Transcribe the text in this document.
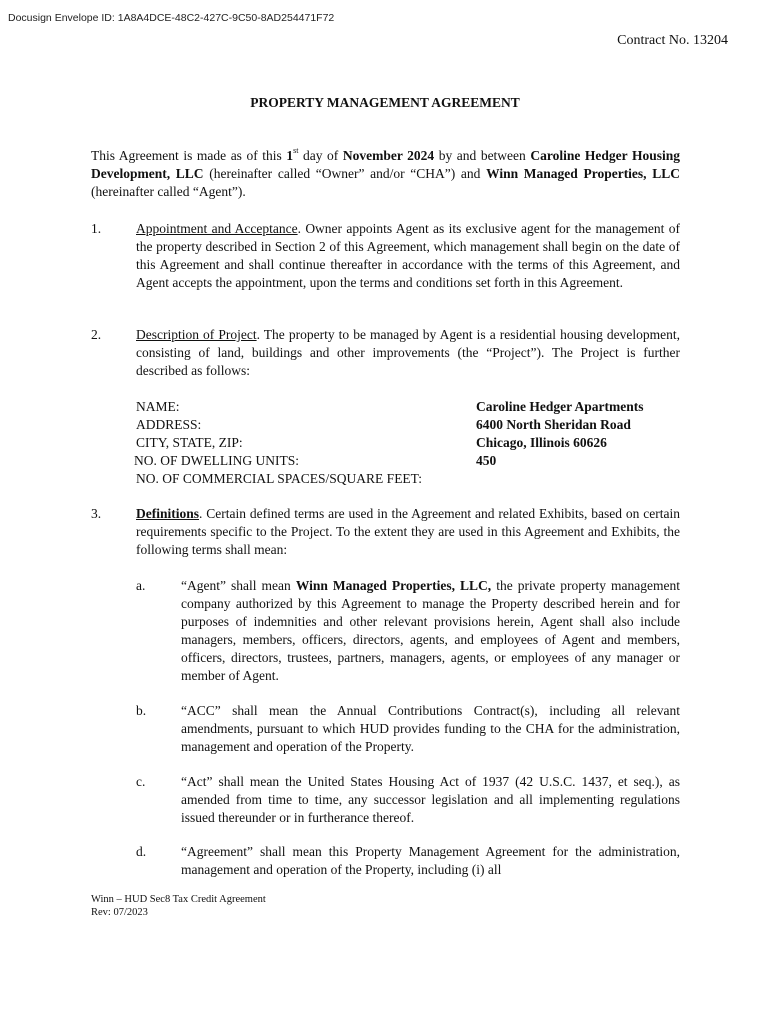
Docusign Envelope ID: 1A8A4DCE-48C2-427C-9C50-8AD254471F72
Contract No. 13204
PROPERTY MANAGEMENT AGREEMENT
This Agreement is made as of this 1st day of November 2024 by and between Caroline Hedger Housing Development, LLC (hereinafter called “Owner” and/or “CHA”) and Winn Managed Properties, LLC (hereinafter called “Agent”).
1.	Appointment and Acceptance. Owner appoints Agent as its exclusive agent for the management of the property described in Section 2 of this Agreement, which management shall begin on the date of this Agreement and shall continue thereafter in accordance with the terms of this Agreement, and Agent accepts the appointment, upon the terms and conditions set forth in this Agreement.
2.	Description of Project. The property to be managed by Agent is a residential housing development, consisting of land, buildings and other improvements (the “Project”). The Project is further described as follows:
NAME:	Caroline Hedger Apartments
ADDRESS:	6400 North Sheridan Road
CITY, STATE, ZIP:	Chicago, Illinois 60626
NO. OF DWELLING UNITS:	450
NO. OF COMMERCIAL SPACES/SQUARE FEET:
3.	Definitions. Certain defined terms are used in the Agreement and related Exhibits, based on certain requirements specific to the Project. To the extent they are used in this Agreement and Exhibits, the following terms shall mean:
a.	“Agent” shall mean Winn Managed Properties, LLC, the private property management company authorized by this Agreement to manage the Property described herein and for purposes of indemnities and other relevant provisions herein, Agent shall also include managers, members, officers, directors, agents, and employees of Agent and members, officers, directors, trustees, partners, managers, agents, or employees of any manager or member of Agent.
b.	“ACC” shall mean the Annual Contributions Contract(s), including all relevant amendments, pursuant to which HUD provides funding to the CHA for the administration, management and operation of the Property.
c.	“Act” shall mean the United States Housing Act of 1937 (42 U.S.C. 1437, et seq.), as amended from time to time, any successor legislation and all implementing regulations issued thereunder or in furtherance thereof.
d.	“Agreement” shall mean this Property Management Agreement for the administration, management and operation of the Property, including (i) all
Winn – HUD Sec8 Tax Credit Agreement
Rev: 07/2023
